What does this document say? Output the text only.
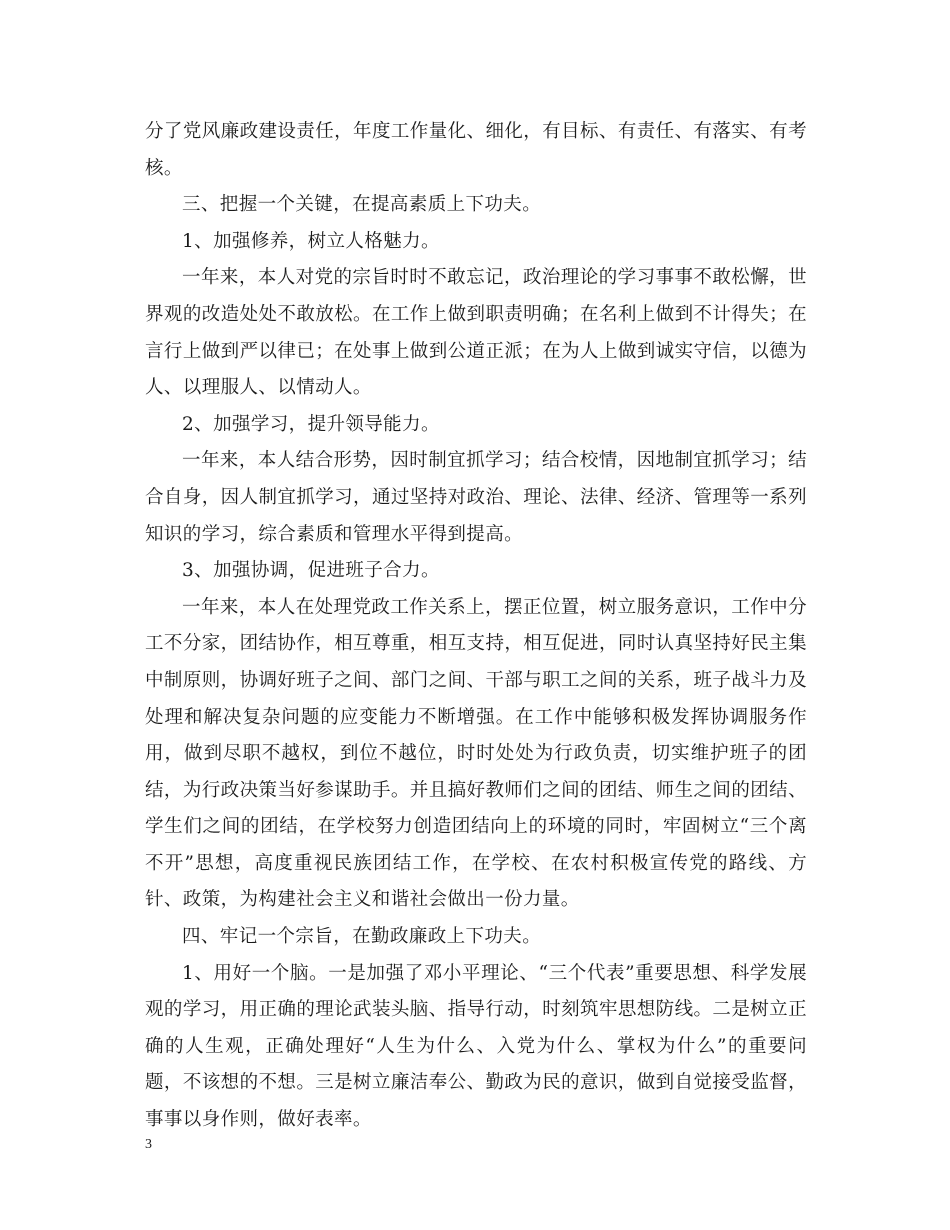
分了党风廉政建设责任，年度工作量化、细化，有目标、有责任、有落实、有考核。

三、把握一个关键，在提高素质上下功夫。

1、加强修养，树立人格魅力。

一年来，本人对党的宗旨时时不敢忘记，政治理论的学习事事不敢松懈，世界观的改造处处不敢放松。在工作上做到职责明确；在名利上做到不计得失；在言行上做到严以律已；在处事上做到公道正派；在为人上做到诚实守信，以德为人、以理服人、以情动人。

2、加强学习，提升领导能力。

一年来，本人结合形势，因时制宜抓学习；结合校情，因地制宜抓学习；结合自身，因人制宜抓学习，通过坚持对政治、理论、法律、经济、管理等一系列知识的学习，综合素质和管理水平得到提高。

3、加强协调，促进班子合力。

一年来，本人在处理党政工作关系上，摆正位置，树立服务意识，工作中分工不分家，团结协作，相互尊重，相互支持，相互促进，同时认真坚持好民主集中制原则，协调好班子之间、部门之间、干部与职工之间的关系，班子战斗力及处理和解决复杂问题的应变能力不断增强。在工作中能够积极发挥协调服务作用，做到尽职不越权，到位不越位，时时处处为行政负责，切实维护班子的团结，为行政决策当好参谋助手。并且搞好教师们之间的团结、师生之间的团结、学生们之间的团结，在学校努力创造团结向上的环境的同时，牢固树立“三个离不开”思想，高度重视民族团结工作，在学校、在农村积极宣传党的路线、方针、政策，为构建社会主义和谐社会做出一份力量。

四、牢记一个宗旨，在勤政廉政上下功夫。

1、用好一个脑。一是加强了邓小平理论、“三个代表”重要思想、科学发展观的学习，用正确的理论武装头脑、指导行动，时刻筑牢思想防线。二是树立正确的人生观，正确处理好“人生为什么、入党为什么、掌权为什么”的重要问题，不该想的不想。三是树立廉洁奉公、勤政为民的意识，做到自觉接受监督，事事以身作则，做好表率。

3
